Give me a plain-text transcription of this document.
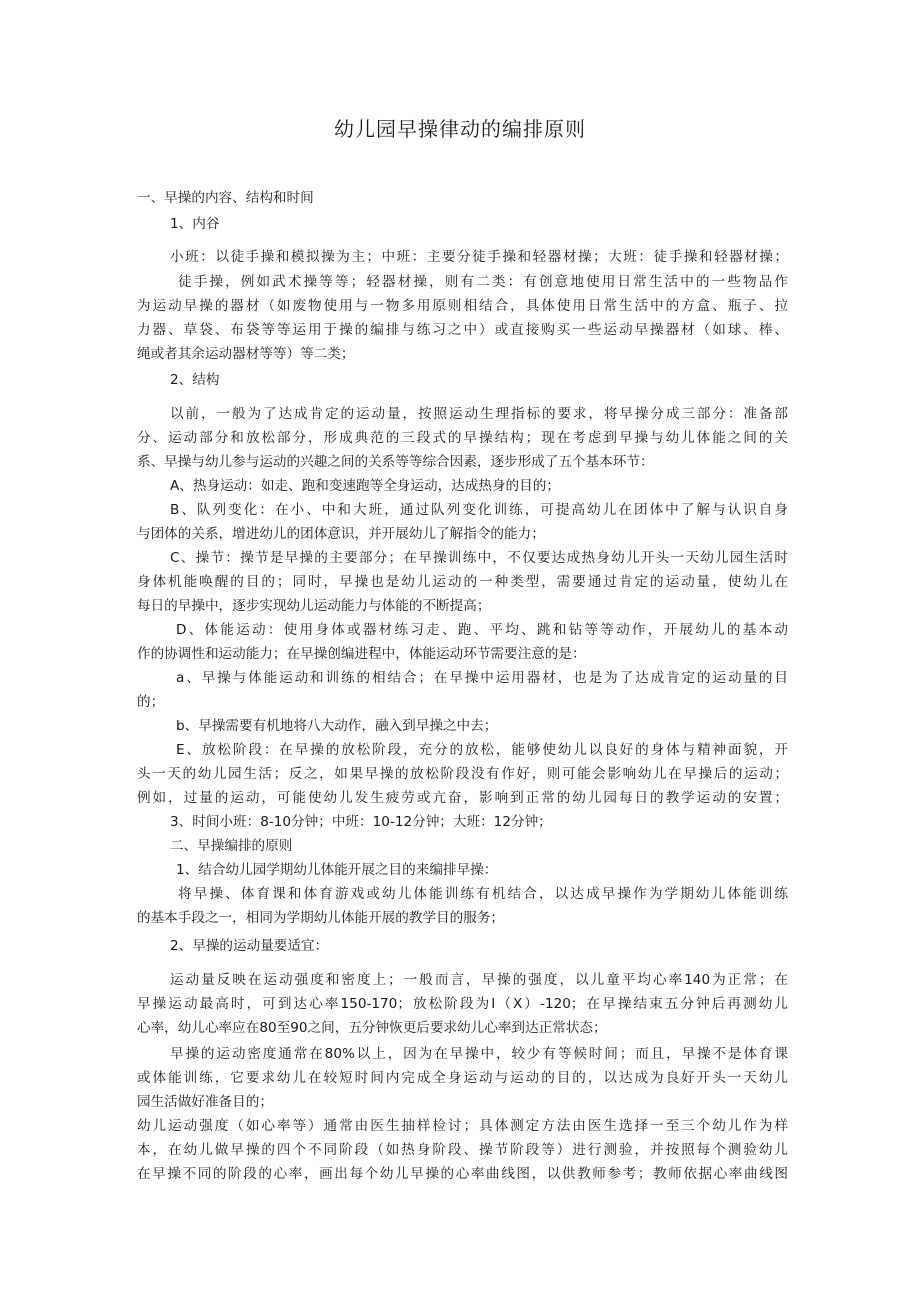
幼儿园早操律动的编排原则

一、早操的内容、结构和时间

1、内谷

小班：以徒手操和模拟操为主；中班：主要分徒手操和轻器材操；大班：徒手操和轻器材操；

徒手操，例如武术操等等；轻器材操，则有二类：有创意地使用日常生活中的一些物品作

为运动早操的器材（如废物使用与一物多用原则相结合，具体使用日常生活中的方盒、瓶子、拉

力器、草袋、布袋等等运用于操的编排与练习之中）或直接购买一些运动早操器材（如球、棒、

绳或者其余运动器材等等）等二类；

2、结构

以前，一般为了达成肯定的运动量，按照运动生理指标的要求，将早操分成三部分：准备部

分、运动部分和放松部分，形成典范的三段式的早操结构；现在考虑到早操与幼儿体能之间的关

系、早操与幼儿参与运动的兴趣之间的关系等等综合因素，逐步形成了五个基本环节：

A、热身运动：如走、跑和变速跑等全身运动，达成热身的目的；

B、队列变化：在小、中和大班，通过队列变化训练，可提高幼儿在团体中了解与认识自身

与团体的关系，增进幼儿的团体意识，并开展幼儿了解指令的能力；

C、操节：操节是早操的主要部分；在早操训练中，不仅要达成热身幼儿开头一天幼儿园生活时

身体机能唤醒的目的；同时，早操也是幼儿运动的一种类型，需要通过肯定的运动量，使幼儿在

每日的早操中，逐步实现幼儿运动能力与体能的不断提高；

D、体能运动：使用身体或器材练习走、跑、平均、跳和钻等等动作，开展幼儿的基本动

作的协调性和运动能力；在早操创编进程中，体能运动环节需要注意的是：

a、早操与体能运动和训练的相结合；在早操中运用器材，也是为了达成肯定的运动量的目

的；

b、早操需要有机地将八大动作，融入到早操之中去；

E、放松阶段：在早操的放松阶段，充分的放松，能够使幼儿以良好的身体与精神面貌，开

头一天的幼儿园生活；反之，如果早操的放松阶段没有作好，则可能会影响幼儿在早操后的运动；

例如，过量的运动，可能使幼儿发生疲劳或亢奋，影响到正常的幼儿园每日的教学运动的安置；

3、时间小班：8-10分钟；中班：10-12分钟；大班：12分钟；

二、早操编排的原则

1、结合幼儿园学期幼儿体能开展之目的来编排早操：

将早操、体育课和体育游戏或幼儿体能训练有机结合，以达成早操作为学期幼儿体能训练

的基本手段之一，相同为学期幼儿体能开展的教学目的服务；

2、早操的运动量要适宜：

运动量反映在运动强度和密度上；一般而言，早操的强度，以儿童平均心率140为正常；在

早操运动最高时，可到达心率150-170；放松阶段为I（X）-120；在早操结束五分钟后再测幼儿

心率，幼儿心率应在80至90之间，五分钟恢更后要求幼儿心率到达正常状态；

早操的运动密度通常在80%以上，因为在早操中，较少有等候时间；而且，早操不是体育课

或体能训练，它要求幼儿在较短时间内完成全身运动与运动的目的，以达成为良好开头一天幼儿

园生活做好准备目的；

幼儿运动强度（如心率等）通常由医生抽样检讨；具体测定方法由医生选择一至三个幼儿作为样

本，在幼儿做早操的四个不同阶段（如热身阶段、操节阶段等）进行测验，并按照每个测验幼儿

在早操不同的阶段的心率，画出每个幼儿早操的心率曲线图，以供教师参考；教师依据心率曲线图
